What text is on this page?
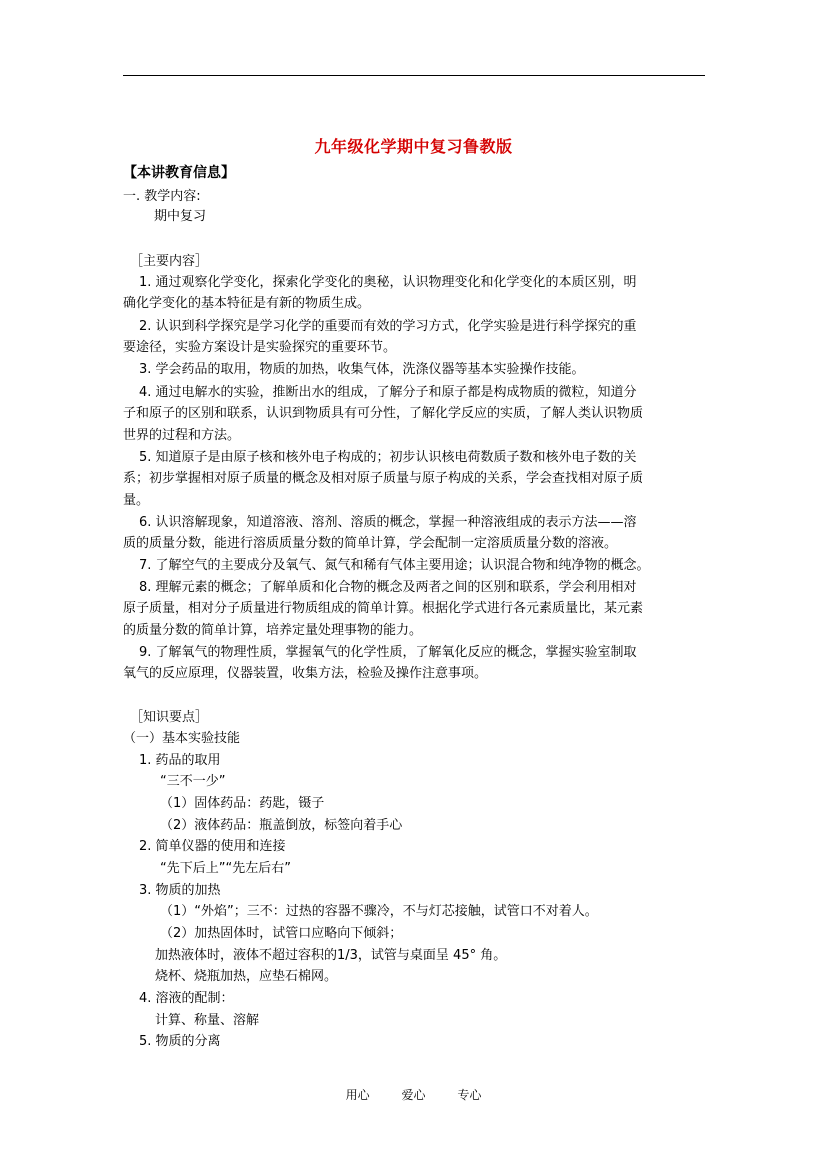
九年级化学期中复习鲁教版
【本讲教育信息】
一. 教学内容:
期中复习
［主要内容］
1. 通过观察化学变化，探索化学变化的奥秘，认识物理变化和化学变化的本质区别，明
确化学变化的基本特征是有新的物质生成。
2. 认识到科学探究是学习化学的重要而有效的学习方式，化学实验是进行科学探究的重
要途径，实验方案设计是实验探究的重要环节。
3. 学会药品的取用，物质的加热，收集气体，洗涤仪器等基本实验操作技能。
4. 通过电解水的实验，推断出水的组成，了解分子和原子都是构成物质的微粒，知道分
子和原子的区别和联系，认识到物质具有可分性，了解化学反应的实质，了解人类认识物质
世界的过程和方法。
5. 知道原子是由原子核和核外电子构成的；初步认识核电荷数质子数和核外电子数的关
系；初步掌握相对原子质量的概念及相对原子质量与原子构成的关系，学会查找相对原子质
量。
6. 认识溶解现象，知道溶液、溶剂、溶质的概念，掌握一种溶液组成的表示方法——溶
质的质量分数，能进行溶质质量分数的简单计算，学会配制一定溶质质量分数的溶液。
7. 了解空气的主要成分及氧气、氮气和稀有气体主要用途；认识混合物和纯净物的概念。
8. 理解元素的概念；了解单质和化合物的概念及两者之间的区别和联系，学会利用相对
原子质量，相对分子质量进行物质组成的简单计算。根据化学式进行各元素质量比，某元素
的质量分数的简单计算，培养定量处理事物的能力。
9. 了解氧气的物理性质，掌握氧气的化学性质，了解氧化反应的概念，掌握实验室制取
氧气的反应原理，仪器装置，收集方法，检验及操作注意事项。
［知识要点］
（一）基本实验技能
1. 药品的取用
“三不一少”
（1）固体药品：药匙，镊子
（2）液体药品：瓶盖倒放，标签向着手心
2. 简单仪器的使用和连接
“先下后上”“先左后右”
3. 物质的加热
（1）“外焰”；三不：过热的容器不骤冷，不与灯芯接触，试管口不对着人。
（2）加热固体时，试管口应略向下倾斜；
加热液体时，液体不超过容积的1/3，试管与桌面呈 45° 角。
烧杯、烧瓶加热，应垫石棉网。
4. 溶液的配制：
计算、称量、溶解
5. 物质的分离
用心	爱心	专心
